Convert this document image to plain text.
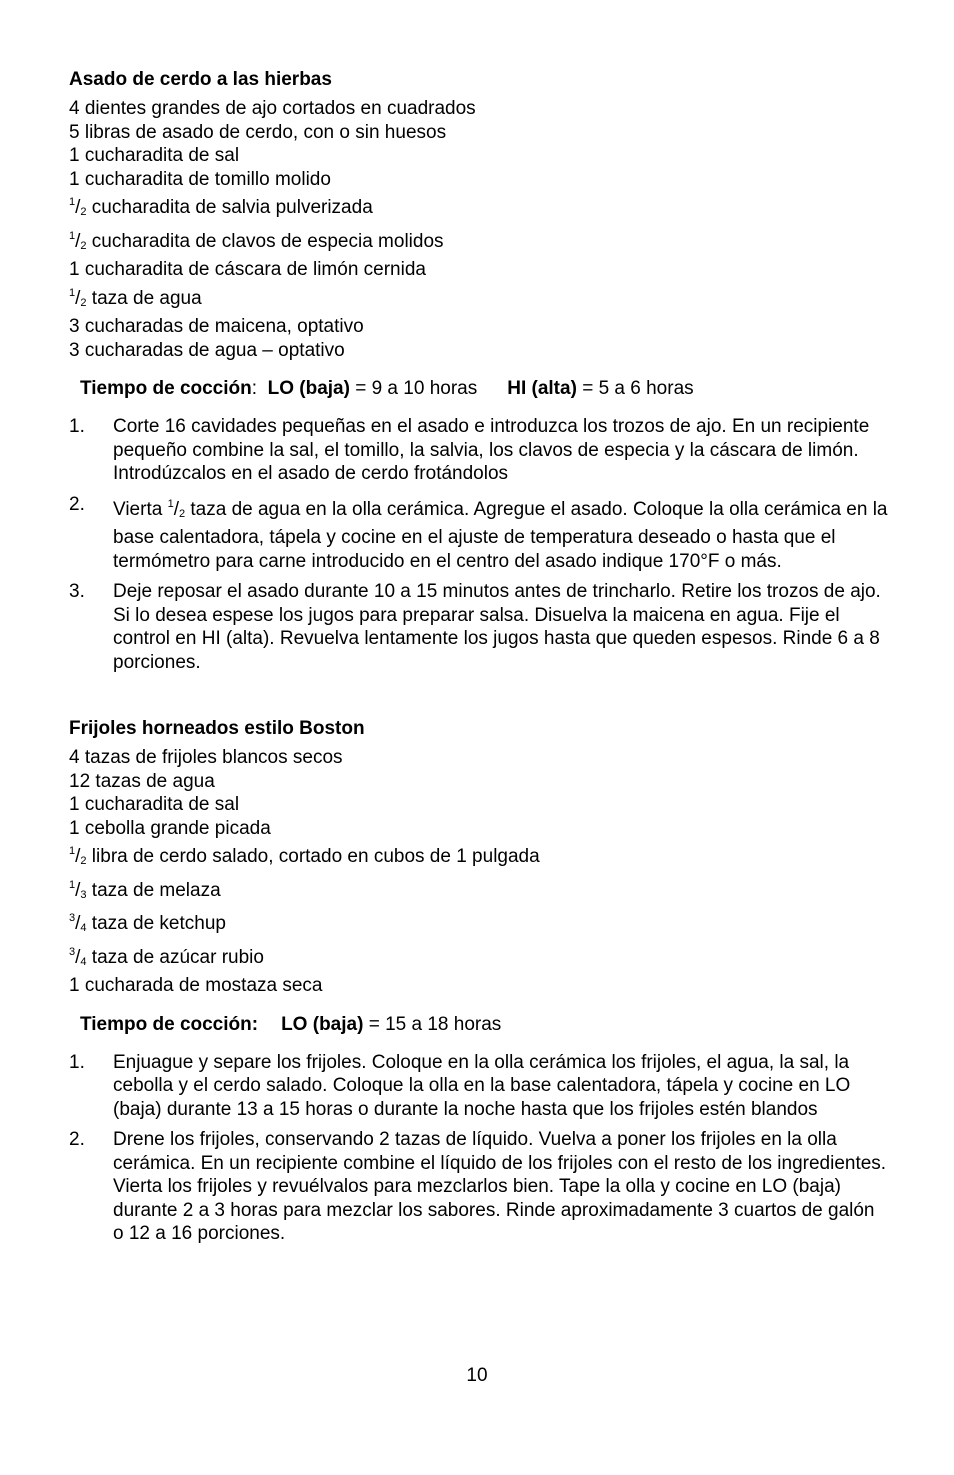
Asado de cerdo a las hierbas
4 dientes grandes de ajo cortados en cuadrados
5 libras de asado de cerdo, con o sin huesos
1 cucharadita de sal
1 cucharadita de tomillo molido
$^1$/2 cucharadita de salvia pulverizada
$^1$/2 cucharadita de clavos de especia molidos
1 cucharadita de cáscara de limón cernida
$^1$/2 taza de agua
3 cucharadas de maicena, optativo
3 cucharadas de agua – optativo
Tiempo de cocción:  LO (baja) = 9 a 10 horas HI (alta) = 5 a 6 horas
1. Corte 16 cavidades pequeñas en el asado e introduzca los trozos de ajo. En un recipiente pequeño combine la sal, el tomillo, la salvia, los clavos de especia y la cáscara de limón. Introdúzcalos en el asado de cerdo frotándolos
2. Vierta $^1$/2 taza de agua en la olla cerámica. Agregue el asado. Coloque la olla cerámica en la base calentadora, tápela y cocine en el ajuste de temperatura deseado o hasta que el termómetro para carne introducido en el centro del asado indique 170°F o más.
3. Deje reposar el asado durante 10 a 15 minutos antes de trincharlo. Retire los trozos de ajo. Si lo desea espese los jugos para preparar salsa. Disuelva la maicena en agua. Fije el control en HI (alta). Revuelva lentamente los jugos hasta que queden espesos. Rinde 6 a 8 porciones.
Frijoles horneados estilo Boston
4 tazas de frijoles blancos secos
12 tazas de agua
1 cucharadita de sal
1 cebolla grande picada
$^1$/2 libra de cerdo salado, cortado en cubos de 1 pulgada
$^1$/3 taza de melaza
$^3$/4 taza de ketchup
$^3$/4 taza de azúcar rubio
1 cucharada de mostaza seca
Tiempo de cocción: LO (baja) = 15 a 18 horas
1. Enjuague y separe los frijoles. Coloque en la olla cerámica los frijoles, el agua, la sal, la cebolla y el cerdo salado. Coloque la olla en la base calentadora, tápela y cocine en LO (baja) durante 13 a 15 horas o durante la noche hasta que los frijoles estén blandos
2. Drene los frijoles, conservando 2 tazas de líquido. Vuelva a poner los frijoles en la olla cerámica. En un recipiente combine el líquido de los frijoles con el resto de los ingredientes. Vierta los frijoles y revuélvalos para mezclarlos bien. Tape la olla y cocine en LO (baja) durante 2 a 3 horas para mezclar los sabores. Rinde aproximadamente 3 cuartos de galón o 12 a 16 porciones.
10
